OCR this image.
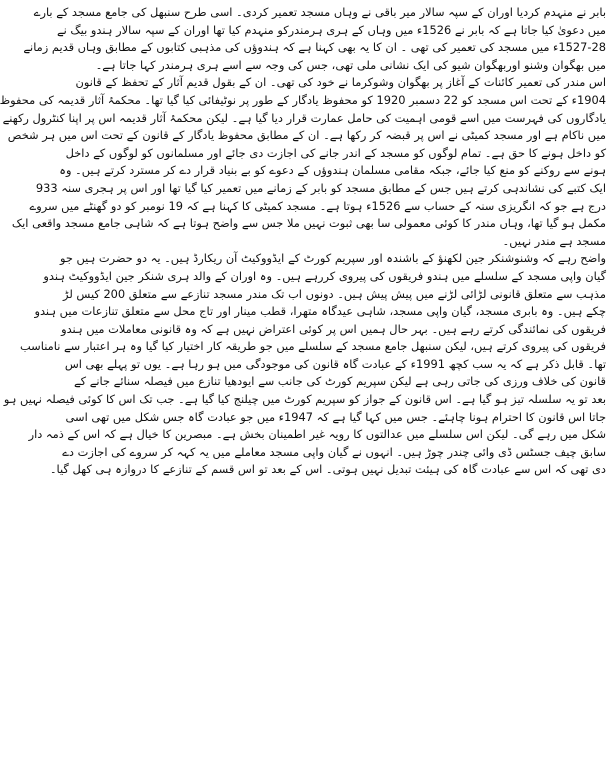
بابر نے منہدم کردیا اوران کے سپہ سالار میر باقی نے وہاں مسجد تعمیر کردی۔ اسی طرح سنبھل کی جامع مسجد کے بارے
میں دعویٰ کیا جاتا ہے کہ بابر نے 1526ء میں وہاں کے ہری ہرمندرکو منہدم کیا تھا اوران کے سپہ سالار ہندو بیگ نے
1527-28ء میں مسجد کی تعمیر کی تھی ۔ ان کا یہ بھی کہنا ہے کہ ہندوؤں کی مذہبی کتابوں کے مطابق وہاں قدیم زمانے
میں بھگوان وشنو اوربھگوان شیو کی ایک نشانی ملی تھی، جس کی وجہ سے اسے ہری ہرمندر کہا جاتا ہے۔
اس مندر کی تعمیر کائنات کے آغاز پر بھگوان وشوکرما نے خود کی تھی۔ ان کے بقول قدیم آثار کے تحفظ کے قانون
1904ء کے تحت اس مسجد کو 22 دسمبر 1920 کو محفوظ یادگار کے طور پر نوٹیفائی کیا گیا تھا۔ محکمۂ آثار قدیمہ کی محفوظ
یادگاروں کی فہرست میں اسے قومی اہمیت کی حامل عمارت قرار دیا گیا ہے۔ لیکن محکمۂ آثار قدیمہ اس پر اپنا کنٹرول رکھنے
میں ناکام ہے اور مسجد کمیٹی نے اس پر قبضہ کر رکھا ہے۔ ان کے مطابق محفوظ یادگار کے قانون کے تحت اس میں ہر شخص
کو داخل ہونے کا حق ہے۔ تمام لوگوں کو مسجد کے اندر جانے کی اجازت دی جائے اور مسلمانوں کو لوگوں کے داخل
ہونے سے روکنے کو منع کیا جائے، جبکہ مقامی مسلمان ہندوؤں کے دعوے کو بے بنیاد قرار دے کر مسترد کرتے ہیں۔ وہ
ایک کتبے کی نشاندہی کرتے ہیں جس کے مطابق مسجد کو بابر کے زمانے میں تعمیر کیا گیا تھا اور اس پر ہجری سنہ 933
درج ہے جو کہ انگریزی سنہ کے حساب سے 1526ء ہوتا ہے۔ مسجد کمیٹی کا کہنا ہے کہ 19 نومبر کو دو گھنٹے میں سروے
مکمل ہو گیا تھا، وہاں مندر کا کوئی معمولی سا بھی ثبوت نہیں ملا جس سے واضح ہوتا ہے کہ شاہی جامع مسجد واقعی ایک
مسجد ہے مندر نہیں۔
واضح رہے کہ وشنوشنکر جین لکھنؤ کے باشندہ اور سپریم کورٹ کے ایڈووکیٹ آن ریکارڈ ہیں۔ یہ دو حضرت ہیں جو
گیان واپی مسجد کے سلسلے میں ہندو فریقوں کی پیروی کررہے ہیں۔ وہ اوران کے والد ہری شنکر جین ایڈووکیٹ ہندو
مذہب سے متعلق قانونی لڑائی لڑنے میں پیش پیش ہیں۔ دونوں اب تک مندر مسجد تنازعے سے متعلق 200 کیس لڑ
چکے ہیں۔ وہ بابری مسجد، گیان واپی مسجد، شاہی عیدگاہ متھرا، قطب مینار اور تاج محل سے متعلق تنازعات میں ہندو
فریقوں کی نمائندگی کرتے رہے ہیں۔ بہر حال ہمیں اس پر کوئی اعتراض نہیں ہے کہ وہ قانونی معاملات میں ہندو
فریقوں کی پیروی کرتے ہیں، لیکن سنبھل جامع مسجد کے سلسلے میں جو طریقہ کار اختیار کیا گیا وہ ہر اعتبار سے نامناسب
تھا۔ قابل ذکر ہے کہ یہ سب کچھ 1991ء کے عبادت گاہ قانون کی موجودگی میں ہو رہا ہے۔ یوں تو پہلے بھی اس
قانون کی خلاف ورزی کی جاتی رہی ہے لیکن سپریم کورٹ کی جانب سے ایودھیا تنازع میں فیصلہ سنائے جانے کے
بعد تو یہ سلسلہ تیز ہو گیا ہے۔ اس قانون کے جواز کو سپریم کورٹ میں چیلنج کیا گیا ہے۔ جب تک اس کا کوئی فیصلہ نہیں ہو
جاتا اس قانون کا احترام ہونا چاہئے۔ جس میں کہا گیا ہے کہ 1947ء میں جو عبادت گاہ جس شکل میں تھی اسی
شکل میں رہے گی۔ لیکن اس سلسلے میں عدالتوں کا رویہ غیر اطمینان بخش ہے۔ مبصرین کا خیال ہے کہ اس کے ذمہ دار
سابق چیف جسٹس ڈی وائی چندر چوڑ ہیں۔ انہوں نے گیان واپی مسجد معاملے میں یہ کہہ کر سروے کی اجازت دے
دی تھی کہ اس سے عبادت گاہ کی ہیئت تبدیل نہیں ہوتی۔ اس کے بعد تو اس قسم کے تنازعے کا دروازہ ہی کھل گیا۔
